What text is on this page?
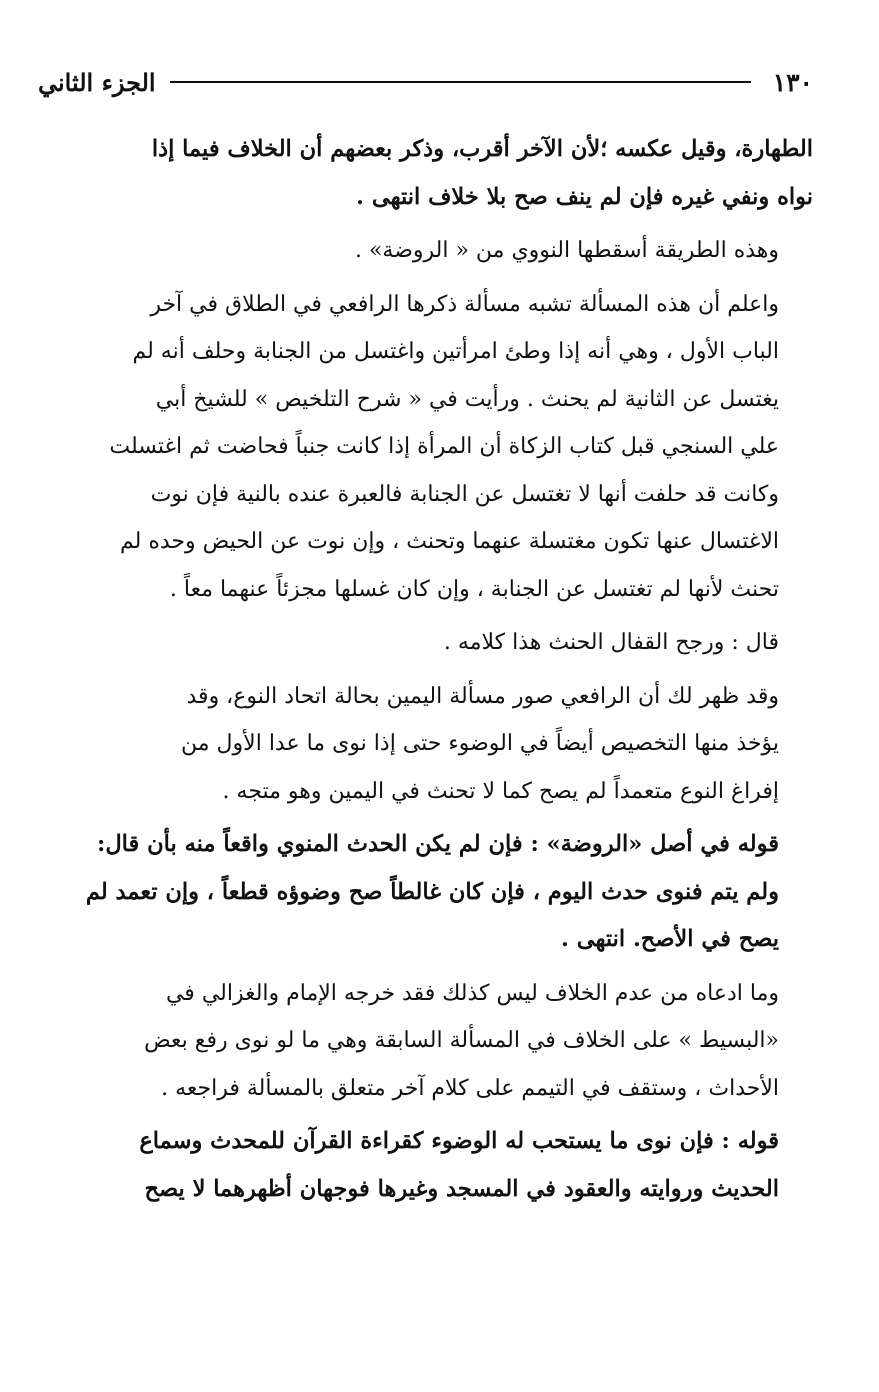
١٣٠
الجزء الثاني

الطهارة، وقيل عكسه ؛لأن الآخر أقرب، وذكر بعضهم أن الخلاف فيما إذا
نواه ونفي غيره فإن لم ينف صح بلا خلاف انتهى .

وهذه الطريقة أسقطها النووي من « الروضة» .

واعلم أن هذه المسألة تشبه مسألة ذكرها الرافعي في الطلاق في آخر
الباب الأول ، وهي أنه إذا وطئ امرأتين واغتسل من الجنابة وحلف أنه لم
يغتسل عن الثانية لم يحنث . ورأيت في « شرح التلخيص » للشيخ أبي
علي السنجي قبل كتاب الزكاة أن المرأة إذا كانت جنباً فحاضت ثم اغتسلت
وكانت قد حلفت أنها لا تغتسل عن الجنابة فالعبرة عنده بالنية فإن نوت
الاغتسال عنها تكون مغتسلة عنهما وتحنث ، وإن نوت عن الحيض وحده لم
تحنث لأنها لم تغتسل عن الجنابة ، وإن كان غسلها مجزئاً عنهما معاً .

قال : ورجح القفال الحنث هذا كلامه .

وقد ظهر لك أن الرافعي صور مسألة اليمين بحالة اتحاد النوع، وقد
يؤخذ منها التخصيص أيضاً في الوضوء حتى إذا نوى ما عدا الأول من
إفراغ النوع متعمداً لم يصح كما لا تحنث في اليمين وهو متجه .

قوله في أصل «الروضة» : فإن لم يكن الحدث المنوي واقعاً منه بأن قال:
ولم يتم فنوى حدث اليوم ، فإن كان غالطاً صح وضوؤه قطعاً ، وإن تعمد لم
يصح في الأصح. انتهى .

وما ادعاه من عدم الخلاف ليس كذلك فقد خرجه الإمام والغزالي في
«البسيط » على الخلاف في المسألة السابقة وهي ما لو نوى رفع بعض
الأحداث ، وستقف في التيمم على كلام آخر متعلق بالمسألة فراجعه .

قوله : فإن نوى ما يستحب له الوضوء كقراءة القرآن للمحدث وسماع
الحديث وروايته والعقود في المسجد وغيرها فوجهان أظهرهما لا يصح
